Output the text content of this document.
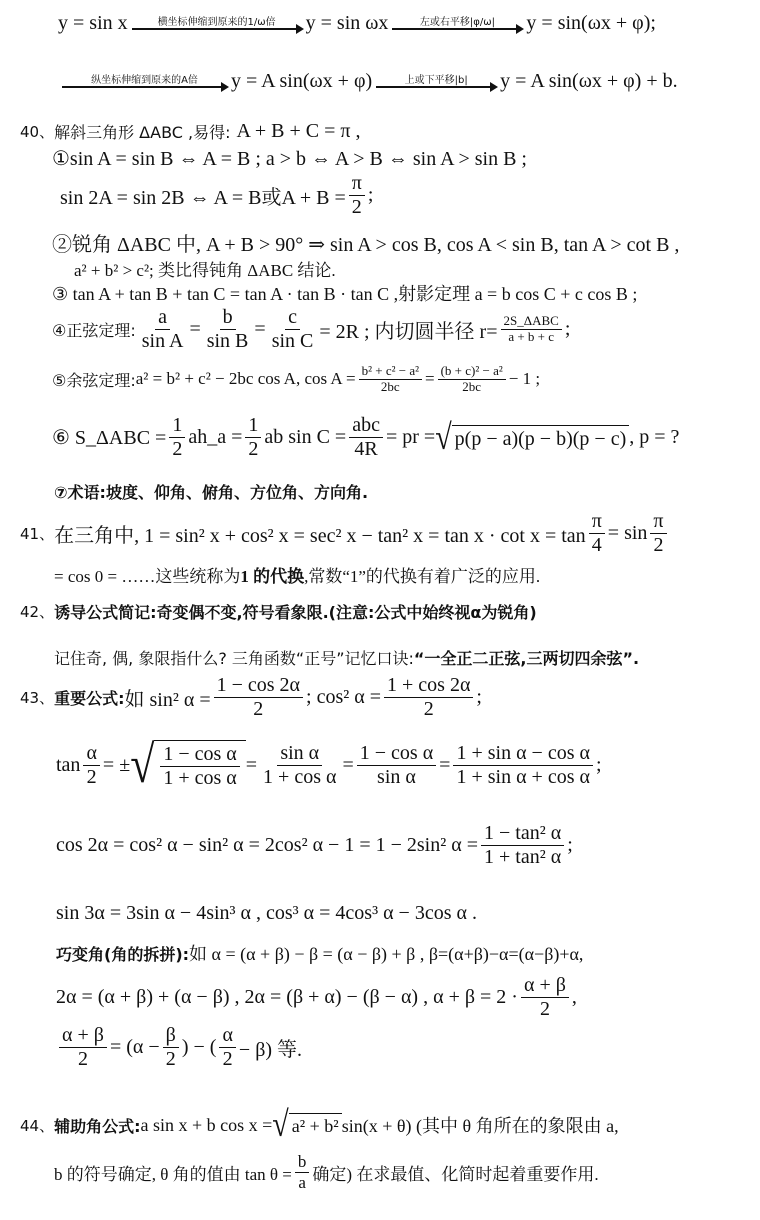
y = sin x	横坐标伸缩到原来的1/ω倍 y = sin ωx	左或右平移|φ/ω| y = sin(ωx + φ);
纵坐标伸缩到原来的A倍 y = A sin(ωx + φ)	上或下平移|b| y = A sin(ωx + φ) + b.
40、 解斜三角形 ΔABC ,易得: A + B + C = π ,
①sin A = sin B ⇔ A = B ; a > b ⇔ A > B ⇔ sin A > sin B ;
sin 2A = sin 2B ⇔ A = B或$A + B = \frac{\pi}{2}$ ;
②锐角 ΔABC 中, A + B > 90° ⇒ sin A > cos B, cos A < sin B, tan A > cot B ,
a² + b² > c²; 类比得钝角 ΔABC 结论.
③ tan A + tan B + tan C = tan A · tan B · tan C ,射影定理 a = b cos C + c cos B ;
④正弦定理: $\frac{a}{\text{sin A}} = \frac{b}{\text{sin B}} = \frac{c}{\text{sin C}} = 2R$ ; 内切圆半径 $r= \frac{\text{2S\_ΔABC}}{a + b + c}$ ;
⑤余弦定理: a² = b² + c² − 2bc cos A, $\cos A = \frac{\text{b² + c² − a²}}{2bc} = \frac{\text{(b + c)² − a²}}{2bc} - 1$ ;
⑥ S_ΔABC = $\frac{1}{2}$ ah_a = $\frac{1}{2}$ ab $\sin C = \frac{\text{abc}}{4R}$ = pr = √ p(p − a)(p − b)(p − c) , p = ?
⑦术语:坡度、仰角、俯角、方位角、方向角.
41、 在三角中, 1 = sin² x + cos² x = sec² x − tan² $x = \tan x \cdot \cot x = \tan \frac{\pi}{4} = \sin \frac{\pi}{2}$
= cos 0 = ……这些统称为 1 的代换 ,常数“1”的代换有着广泛的应用.
42、 诱导公式简记:奇变偶不变,符号看象限.(注意:公式中始终视α为锐角)
记住奇, 偶, 象限指什么? 三角函数“正号”记忆口诀: “一全正二正弦,三两切四余弦”.
43、 重要公式: 如 sin² $\alpha = \frac{1 - \cos 2\alpha}{2}$ ; cos² $\alpha = \frac{1 + \cos 2\alpha}{2}$ ;
$\tan \frac{\alpha}{2}$ = ± √ $\frac{\text{1 − cos α}}{\text{1 + cos α}} = \frac{\text{sin α}}{\text{1 + cos α}} = \frac{\text{1 − cos α}}{\text{sin α}} = \frac{\text{1 + sin α − cos α}}{\text{1 + sin α + cos α}}$ ;
cos 2α = cos² α − sin² α = 2cos² α − 1 = 1 − 2sin² $\alpha = \frac{\text{1 − tan² α}}{\text{1 + tan² α}}$ ;
sin 3α = 3sin α − 4sin³ α , cos³ α = 4cos³ α − 3cos α .
巧变角(角的拆拼): 如 α = (α + β) − β = (α − β) + β , β=(α+β)−α=(α−β)+α,
2α = (α + β) + (α − β) , 2α = (β + α) − (β − α) , $\alpha + \beta = 2 \cdot \frac{\alpha + \beta}{2}$ ,
$\frac{\alpha + \beta}{2} = (\alpha - \frac{\beta}{2}$ ) − ( $\frac{\alpha}{2} - \beta$) 等.
44、 辅助角公式: a sin x + b cos x = √ a² + b² sin(x + θ) (其中 θ 角所在的象限由 a,
b 的符号确定, θ 角的值由 $\tan \theta = \frac{b}{a}$ 确定) 在求最值、化简时起着重要作用.
